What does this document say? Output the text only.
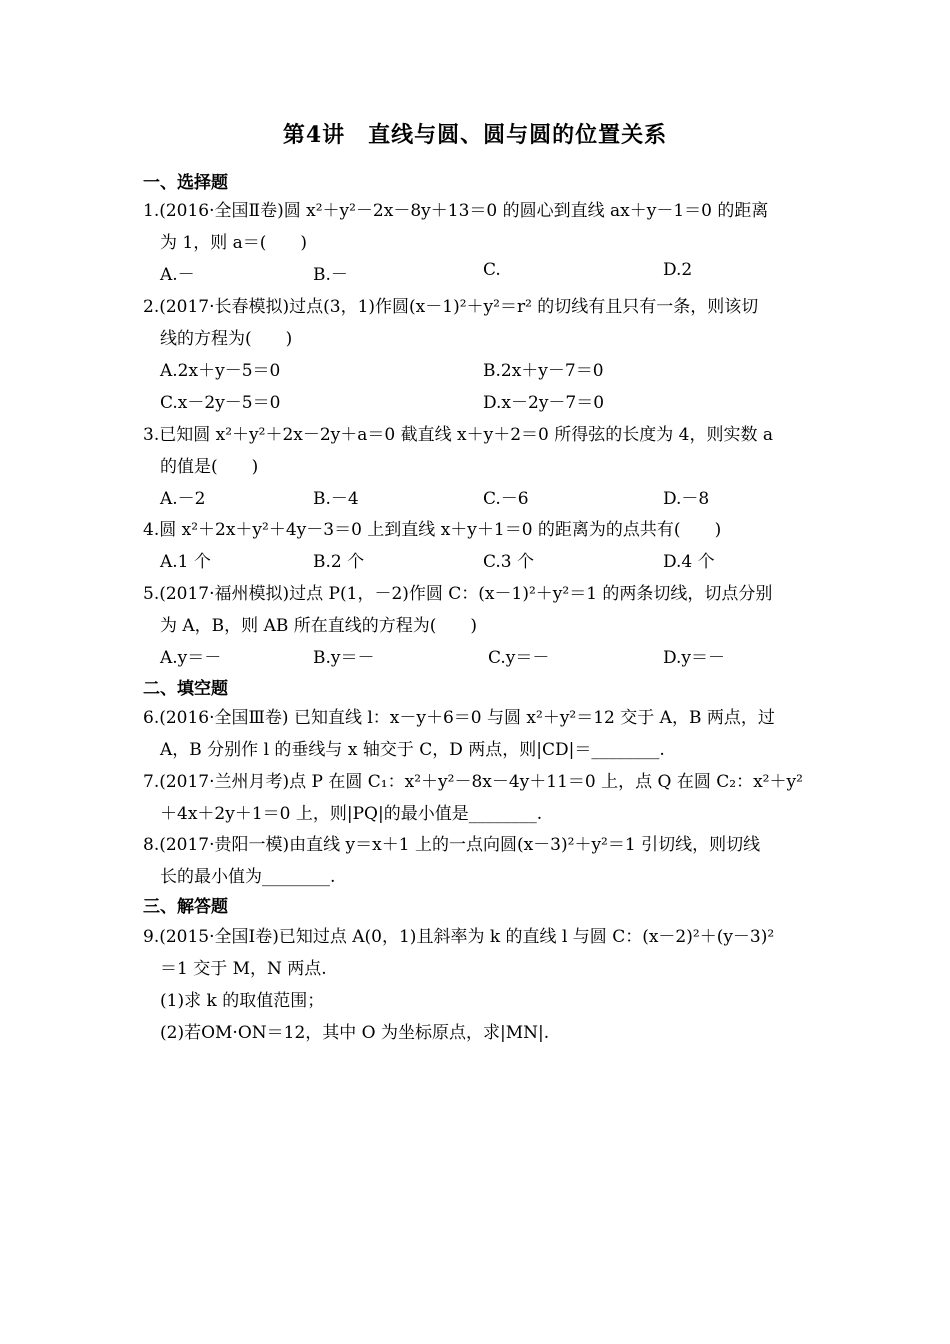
第4讲　直线与圆、圆与圆的位置关系
一、选择题
1.(2016·全国Ⅱ卷)圆 x²＋y²－2x－8y＋13＝0 的圆心到直线 ax＋y－1＝0 的距离
为 1，则 a＝(　　)
A.－	B.－	C.	D.2
2.(2017·长春模拟)过点(3，1)作圆(x－1)²＋y²＝r² 的切线有且只有一条，则该切
线的方程为(　　)
A.2x＋y－5＝0	B.2x＋y－7＝0
C.x－2y－5＝0	D.x－2y－7＝0
3.已知圆 x²＋y²＋2x－2y＋a＝0 截直线 x＋y＋2＝0 所得弦的长度为 4，则实数 a
的值是(　　)
A.－2	B.－4	C.－6	D.－8
4.圆 x²＋2x＋y²＋4y－3＝0 上到直线 x＋y＋1＝0 的距离为的点共有(　　)
A.1 个	B.2 个	C.3 个	D.4 个
5.(2017·福州模拟)过点 P(1，－2)作圆 C：(x－1)²＋y²＝1 的两条切线，切点分别
为 A，B，则 AB 所在直线的方程为(　　)
A.y＝－	B.y＝－	C.y＝－	D.y＝－
二、填空题
6.(2016·全国Ⅲ卷) 已知直线 l：x－y＋6＝0 与圆 x²＋y²＝12 交于 A，B 两点，过
A，B 分别作 l 的垂线与 x 轴交于 C，D 两点，则|CD|＝________.
7.(2017·兰州月考)点 P 在圆 C₁：x²＋y²－8x－4y＋11＝0 上，点 Q 在圆 C₂：x²＋y²
＋4x＋2y＋1＝0 上，则|PQ|的最小值是________.
8.(2017·贵阳一模)由直线 y＝x＋1 上的一点向圆(x－3)²＋y²＝1 引切线，则切线
长的最小值为________.
三、解答题
9.(2015·全国Ⅰ卷)已知过点 A(0，1)且斜率为 k 的直线 l 与圆 C：(x－2)²＋(y－3)²
＝1 交于 M，N 两点.
(1)求 k 的取值范围；
(2)若OM·ON＝12，其中 O 为坐标原点，求|MN|.
